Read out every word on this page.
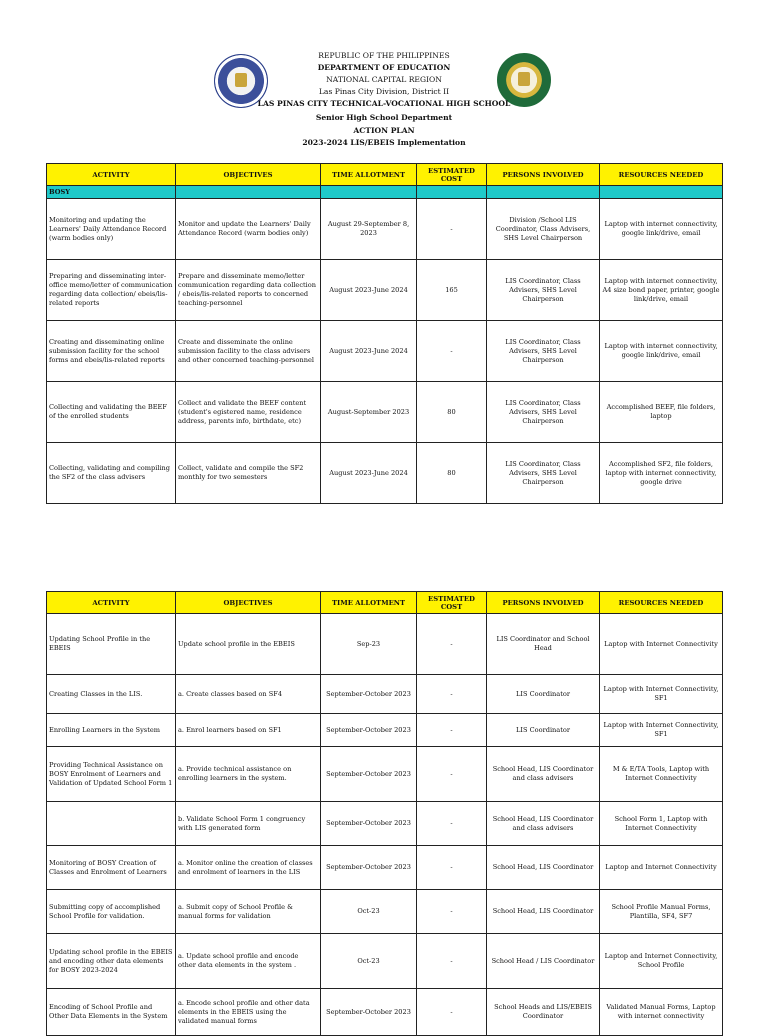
REPUBLIC OF THE PHILIPPINES
DEPARTMENT OF EDUCATION
NATIONAL CAPITAL REGION
Las Pinas City Division, District II
LAS PINAS CITY TECHNICAL-VOCATIONAL HIGH SCHOOL
Senior High School Department
ACTION PLAN
2023-2024 LIS/EBEIS Implementation
ACTIVITY	OBJECTIVES	TIME ALLOTMENT	ESTIMATED COST	PERSONS INVOLVED	RESOURCES NEEDED
BOSY					
Monitoring and updating the Learners' Daily Attendance Record (warm bodies only)	Monitor and update the Learners' Daily Attendance Record (warm bodies only)	August 29-September 8, 2023	-	Division /School LIS Coordinator, Class Advisers, SHS Level Chairperson	Laptop with internet connectivity, google link/drive, email
Preparing and disseminating inter-office memo/letter of communication regarding data collection/ ebeis/lis-related reports	Prepare and disseminate memo/letter communication regarding data collection / ebeis/lis-related reports to concerned teaching-personnel	August 2023-June 2024	165	LIS Coordinator, Class Advisers, SHS Level Chairperson	Laptop with internet connectivity, A4 size bond paper, printer, google link/drive, email
Creating and disseminating online submission facility for the school forms and ebeis/lis-related reports	Create and disseminate the online submission facility to the class advisers and other concerned teaching-personnel	August 2023-June 2024	-	LIS Coordinator, Class Advisers, SHS Level Chairperson	Laptop with internet connectivity, google link/drive, email
Collecting and validating the BEEF of the enrolled students	Collect and validate the BEEF content (student's egistered name, residence address, parents info, birthdate, etc)	August-September 2023	80	LIS Coordinator, Class Advisers, SHS Level Chairperson	Accomplished BEEF, file folders, laptop
Collecting, validating and compiling the SF2 of the class advisers	Collect, validate and compile the SF2 monthly for two semesters	August 2023-June 2024	80	LIS Coordinator, Class Advisers, SHS Level Chairperson	Accomplished SF2, file folders, laptop with internet connectivity, google drive
ACTIVITY	OBJECTIVES	TIME ALLOTMENT	ESTIMATED COST	PERSONS INVOLVED	RESOURCES NEEDED
Updating School Profile in the EBEIS	Update school profile in the EBEIS	Sep-23	-	LIS Coordinator and School Head	Laptop with Internet Connectivity
Creating Classes in the LIS.	a. Create classes based on SF4	September-October 2023	-	LIS Coordinator	Laptop with Internet Connectivity, SF1
Enrolling Learners in the System	a. Enrol learners based on SF1	September-October 2023	-	LIS Coordinator	Laptop with Internet Connectivity, SF1
Providing Technical Assistance on BOSY Enrolment of Learners and Validation of Updated School Form 1	a. Provide technical assistance on enrolling learners in the system.	September-October 2023	-	School Head, LIS Coordinator and class advisers	M & E/TA Tools, Laptop with Internet Connectivity
	b. Validate School Form 1 congruency with LIS generated form	September-October 2023	-	School Head, LIS Coordinator and class advisers	School Form 1, Laptop with Internet Connectivity
Monitoring of BOSY Creation of Classes and Enrolment of Learners	a. Monitor online the creation of classes and enrolment of learners in the LIS	September-October 2023	-	School Head, LIS Coordinator	Laptop and Internet Connectivity
Submitting copy of accomplished School Profile for validation.	a. Submit copy of School Profile & manual forms for validation	Oct-23	-	School Head, LIS Coordinator	School Profile Manual Forms, Plantilla, SF4, SF7
Updating school profile in the EBEIS and encoding other data elements for BOSY 2023-2024	a. Update school profile and encode other data elements in the system .	Oct-23	-	School Head / LIS Coordinator	Laptop and Internet Connectivity, School Profile
Encoding of School Profile and Other Data Elements in the System	a. Encode school profile and other data elements in the EBEIS using the validated manual forms	September-October 2023	-	School Heads and LIS/EBEIS Coordinator	Validated Manual Forms, Laptop with internet connectivity
